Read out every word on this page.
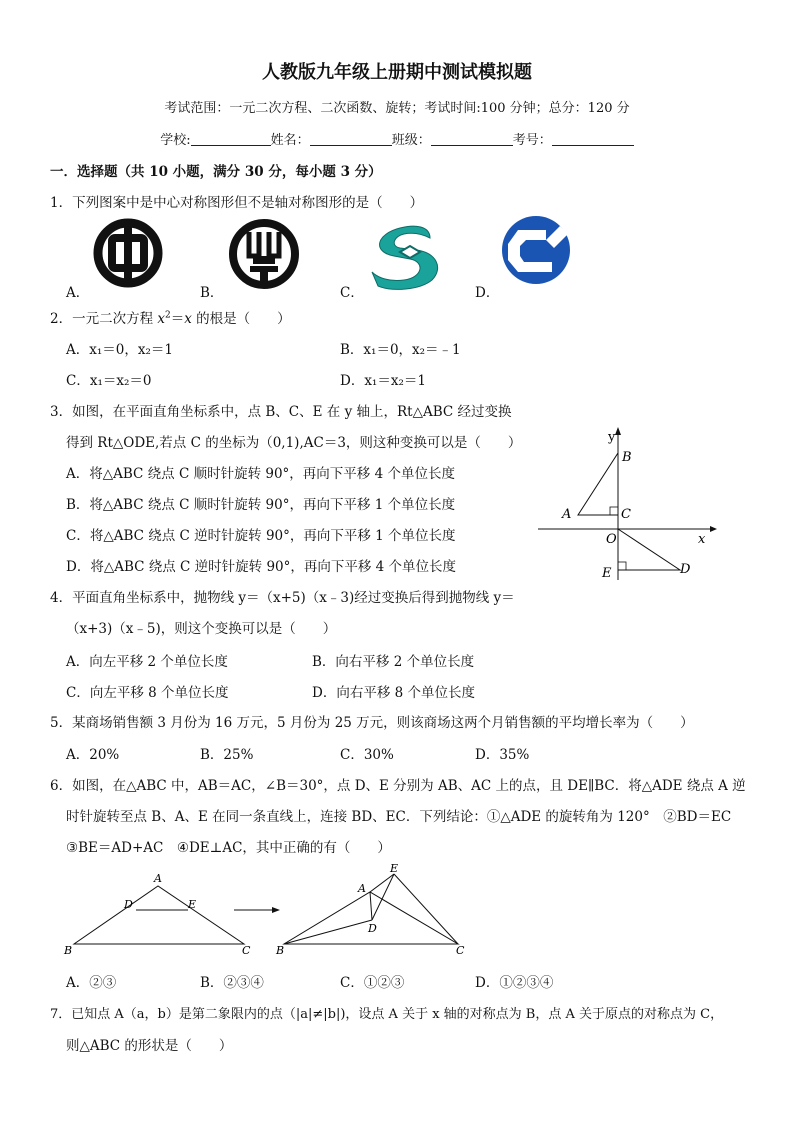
人教版九年级上册期中测试模拟题
考试范围：一元二次方程、二次函数、旋转；考试时间:100 分钟；总分：120 分
学校:	姓名：	班级：	考号：
一．选择题（共 10 小题，满分 30 分，每小题 3 分）
1．下列图案中是中心对称图形但不是轴对称图形的是（　　）
A．	B．	C．	D．
2．一元二次方程 $x^2=x$ 的根是（　　）
A．x₁＝0，x₂＝1	B．x₁＝0，x₂＝﹣1
C．x₁＝x₂＝0	D．x₁＝x₂＝1
3．如图，在平面直角坐标系中，点 B、C、E 在 y 轴上，Rt△ABC 经过变换
得到 Rt△ODE,若点 C 的坐标为（0,1),AC＝3，则这种变换可以是（　　）
A．将△ABC 绕点 C 顺时针旋转 90°，再向下平移 4 个单位长度
B．将△ABC 绕点 C 顺时针旋转 90°，再向下平移 1 个单位长度
C．将△ABC 绕点 C 逆时针旋转 90°，再向下平移 1 个单位长度
D．将△ABC 绕点 C 逆时针旋转 90°，再向下平移 4 个单位长度
y
x
B
A	C
O
E	D
4．平面直角坐标系中，抛物线 y＝（x+5)（x﹣3)经过变换后得到抛物线 y＝
（x+3)（x﹣5)，则这个变换可以是（　　）
A．向左平移 2 个单位长度	B．向右平移 2 个单位长度
C．向左平移 8 个单位长度	D．向右平移 8 个单位长度
5．某商场销售额 3 月份为 16 万元，5 月份为 25 万元，则该商场这两个月销售额的平均增长率为（　　）
A．20%	B．25%	C．30%	D．35%
6．如图，在△ABC 中，AB＝AC，∠B＝30°，点 D、E 分别为 AB、AC 上的点，且 DE∥BC．将△ADE 绕点 A 逆
时针旋转至点 B、A、E 在同一条直线上，连接 BD、EC．下列结论：①△ADE 的旋转角为 120°　②BD＝EC
③BE＝AD+AC　④DE⊥AC，其中正确的有（　　）
A
D	E
B	C
A
E
D
B	C
A．②③	B．②③④	C．①②③	D．①②③④
7．已知点 A（a，b）是第二象限内的点（|a|≠|b|)，设点 A 关于 x 轴的对称点为 B，点 A 关于原点的对称点为 C，
则△ABC 的形状是（　　）
